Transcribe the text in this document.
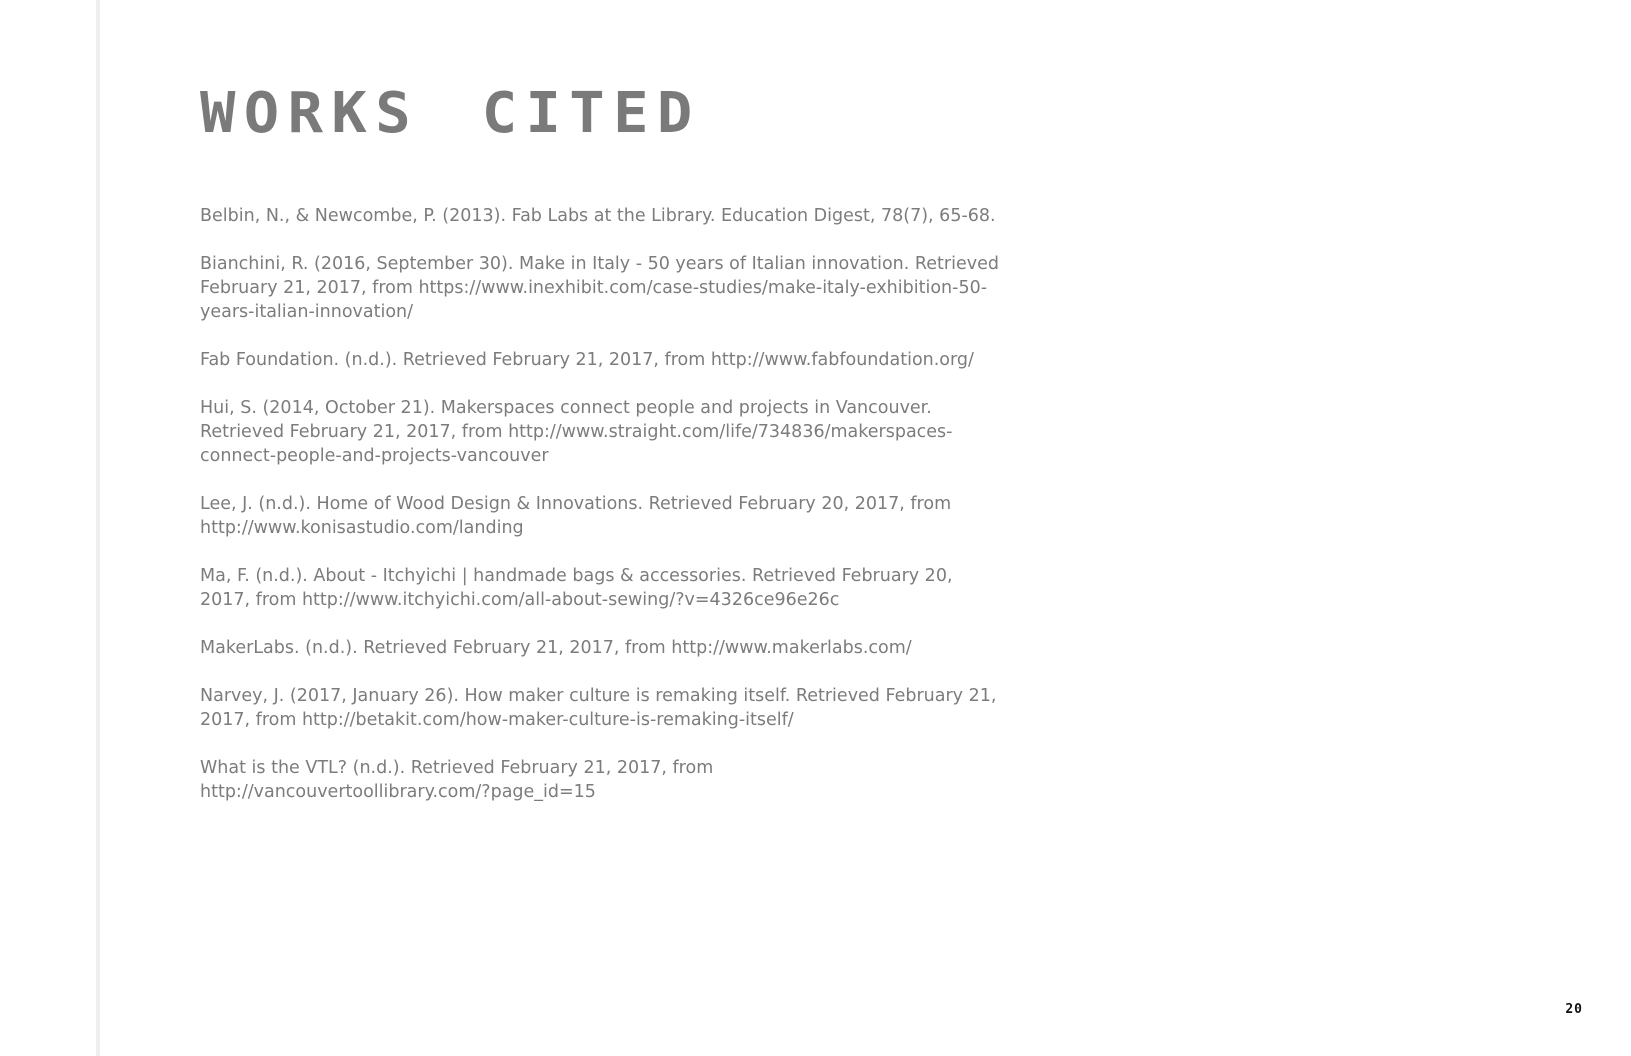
WORKS CITED
Belbin, N., & Newcombe, P. (2013). Fab Labs at the Library. Education Digest, 78(7), 65-68.
Bianchini, R. (2016, September 30). Make in Italy - 50 years of Italian innovation. Retrieved February 21, 2017, from https://www.inexhibit.com/case-studies/make-italy-exhibition-50-years-italian-innovation/
Fab Foundation. (n.d.). Retrieved February 21, 2017, from http://www.fabfoundation.org/
Hui, S. (2014, October 21). Makerspaces connect people and projects in Vancouver. Retrieved February 21, 2017, from http://www.straight.com/life/734836/makerspaces-connect-people-and-projects-vancouver
Lee, J. (n.d.). Home of Wood Design & Innovations. Retrieved February 20, 2017, from http://www.konisastudio.com/landing
Ma, F. (n.d.). About - Itchyichi | handmade bags & accessories. Retrieved February 20, 2017, from http://www.itchyichi.com/all-about-sewing/?v=4326ce96e26c
MakerLabs. (n.d.). Retrieved February 21, 2017, from http://www.makerlabs.com/
Narvey, J. (2017, January 26). How maker culture is remaking itself. Retrieved February 21, 2017, from http://betakit.com/how-maker-culture-is-remaking-itself/
What is the VTL? (n.d.). Retrieved February 21, 2017, from http://vancouvertoollibrary.com/?page_id=15
20
